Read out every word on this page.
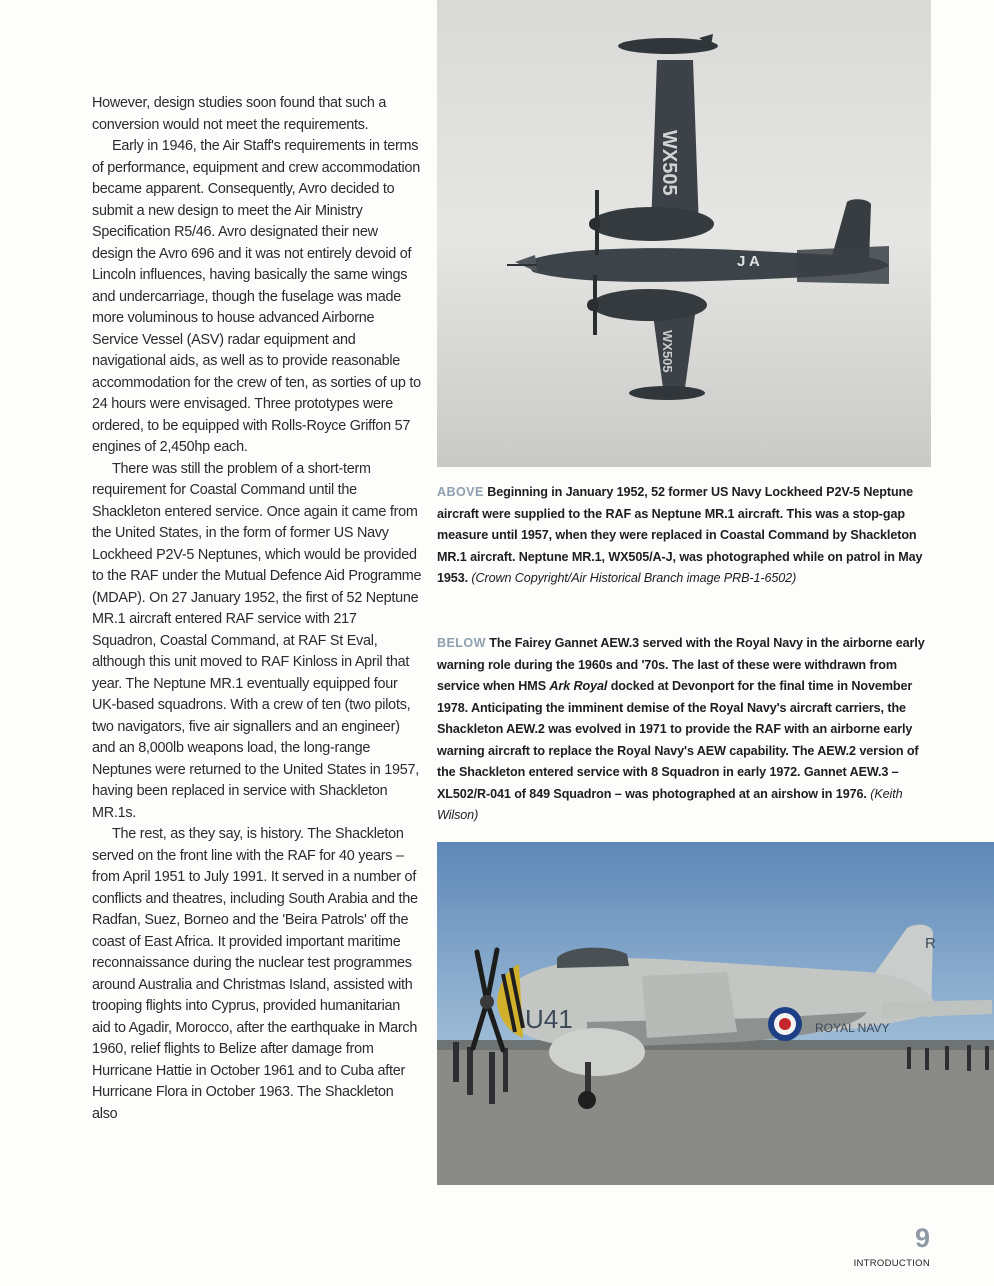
However, design studies soon found that such a conversion would not meet the requirements.

Early in 1946, the Air Staff's requirements in terms of performance, equipment and crew accommodation became apparent. Consequently, Avro decided to submit a new design to meet the Air Ministry Specification R5/46. Avro designated their new design the Avro 696 and it was not entirely devoid of Lincoln influences, having basically the same wings and undercarriage, though the fuselage was made more voluminous to house advanced Airborne Service Vessel (ASV) radar equipment and navigational aids, as well as to provide reasonable accommodation for the crew of ten, as sorties of up to 24 hours were envisaged. Three prototypes were ordered, to be equipped with Rolls-Royce Griffon 57 engines of 2,450hp each.

There was still the problem of a short-term requirement for Coastal Command until the Shackleton entered service. Once again it came from the United States, in the form of former US Navy Lockheed P2V-5 Neptunes, which would be provided to the RAF under the Mutual Defence Aid Programme (MDAP). On 27 January 1952, the first of 52 Neptune MR.1 aircraft entered RAF service with 217 Squadron, Coastal Command, at RAF St Eval, although this unit moved to RAF Kinloss in April that year. The Neptune MR.1 eventually equipped four UK-based squadrons. With a crew of ten (two pilots, two navigators, five air signallers and an engineer) and an 8,000lb weapons load, the long-range Neptunes were returned to the United States in 1957, having been replaced in service with Shackleton MR.1s.

The rest, as they say, is history. The Shackleton served on the front line with the RAF for 40 years – from April 1951 to July 1991. It served in a number of conflicts and theatres, including South Arabia and the Radfan, Suez, Borneo and the 'Beira Patrols' off the coast of East Africa. It provided important maritime reconnaissance during the nuclear test programmes around Australia and Christmas Island, assisted with trooping flights into Cyprus, provided humanitarian aid to Agadir, Morocco, after the earthquake in March 1960, relief flights to Belize after damage from Hurricane Hattie in October 1961 and to Cuba after Hurricane Flora in October 1963. The Shackleton also

WX505
J A
WX505
ABOVE Beginning in January 1952, 52 former US Navy Lockheed P2V-5 Neptune aircraft were supplied to the RAF as Neptune MR.1 aircraft. This was a stop-gap measure until 1957, when they were replaced in Coastal Command by Shackleton MR.1 aircraft. Neptune MR.1, WX505/A-J, was photographed while on patrol in May 1953. (Crown Copyright/Air Historical Branch image PRB-1-6502)
BELOW The Fairey Gannet AEW.3 served with the Royal Navy in the airborne early warning role during the 1960s and '70s. The last of these were withdrawn from service when HMS Ark Royal docked at Devonport for the final time in November 1978. Anticipating the imminent demise of the Royal Navy's aircraft carriers, the Shackleton AEW.2 was evolved in 1971 to provide the RAF with an airborne early warning aircraft to replace the Royal Navy's AEW capability. The AEW.2 version of the Shackleton entered service with 8 Squadron in early 1972. Gannet AEW.3 – XL502/R-041 of 849 Squadron – was photographed at an airshow in 1976. (Keith Wilson)
U41	ROYAL NAVY
R
9
INTRODUCTION
